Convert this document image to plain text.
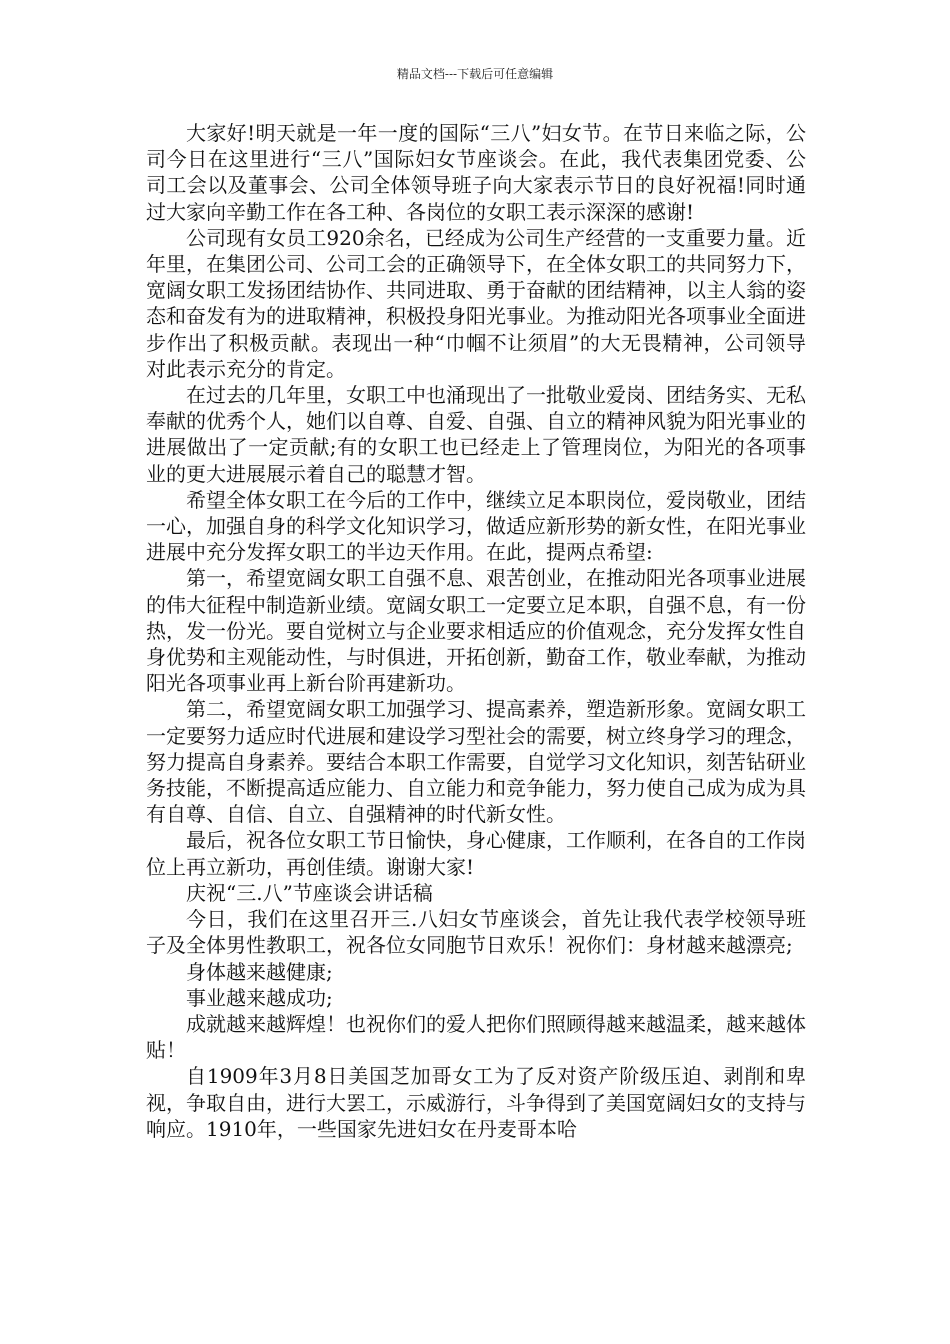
精品文档---下载后可任意编辑

大家好!明天就是一年一度的国际“三八”妇女节。在节日来临之际，公司今日在这里进行“三八”国际妇女节座谈会。在此，我代表集团党委、公司工会以及董事会、公司全体领导班子向大家表示节日的良好祝福!同时通过大家向辛勤工作在各工种、各岗位的女职工表示深深的感谢!

公司现有女员工920余名，已经成为公司生产经营的一支重要力量。近年里，在集团公司、公司工会的正确领导下，在全体女职工的共同努力下，宽阔女职工发扬团结协作、共同进取、勇于奋献的团结精神，以主人翁的姿态和奋发有为的进取精神，积极投身阳光事业。为推动阳光各项事业全面进步作出了积极贡献。表现出一种“巾帼不让须眉”的大无畏精神，公司领导对此表示充分的肯定。

在过去的几年里，女职工中也涌现出了一批敬业爱岗、团结务实、无私奉献的优秀个人，她们以自尊、自爱、自强、自立的精神风貌为阳光事业的进展做出了一定贡献;有的女职工也已经走上了管理岗位，为阳光的各项事业的更大进展展示着自己的聪慧才智。

希望全体女职工在今后的工作中，继续立足本职岗位，爱岗敬业，团结一心，加强自身的科学文化知识学习，做适应新形势的新女性，在阳光事业进展中充分发挥女职工的半边天作用。在此，提两点希望:

第一，希望宽阔女职工自强不息、艰苦创业，在推动阳光各项事业进展的伟大征程中制造新业绩。宽阔女职工一定要立足本职，自强不息，有一份热，发一份光。要自觉树立与企业要求相适应的价值观念，充分发挥女性自身优势和主观能动性，与时俱进，开拓创新，勤奋工作，敬业奉献，为推动阳光各项事业再上新台阶再建新功。

第二，希望宽阔女职工加强学习、提高素养，塑造新形象。宽阔女职工一定要努力适应时代进展和建设学习型社会的需要，树立终身学习的理念，努力提高自身素养。要结合本职工作需要，自觉学习文化知识，刻苦钻研业务技能，不断提高适应能力、自立能力和竞争能力，努力使自己成为成为具有自尊、自信、自立、自强精神的时代新女性。

最后，祝各位女职工节日愉快，身心健康，工作顺利，在各自的工作岗位上再立新功，再创佳绩。谢谢大家!

庆祝“三.八”节座谈会讲话稿

今日，我们在这里召开三.八妇女节座谈会，首先让我代表学校领导班子及全体男性教职工，祝各位女同胞节日欢乐！祝你们：身材越来越漂亮;

身体越来越健康;

事业越来越成功;

成就越来越辉煌！也祝你们的爱人把你们照顾得越来越温柔，越来越体贴！

自1909年3月8日美国芝加哥女工为了反对资产阶级压迫、剥削和卑视，争取自由，进行大罢工，示威游行，斗争得到了美国宽阔妇女的支持与响应。1910年，一些国家先进妇女在丹麦哥本哈
